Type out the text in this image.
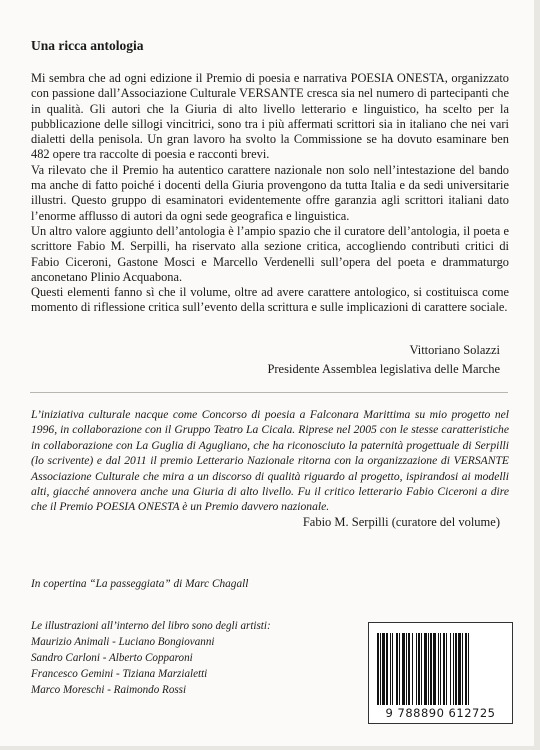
Una ricca antologia

Mi sembra che ad ogni edizione il Premio di poesia e narrativa POESIA ONESTA, organizzato con passione dall’Associazione Culturale VERSANTE cresca sia nel numero di partecipanti che in qualità. Gli autori che la Giuria di alto livello letterario e linguistico, ha scelto per la pubblicazione delle sillogi vincitrici, sono tra i più affermati scrittori sia in italiano che nei vari dialetti della penisola. Un gran lavoro ha svolto la Commissione se ha dovuto esaminare ben 482 opere tra raccolte di poesia e racconti brevi.

Va rilevato che il Premio ha autentico carattere nazionale non solo nell’intestazione del bando ma anche di fatto poiché i docenti della Giuria provengono da tutta Italia e da sedi universitarie illustri. Questo gruppo di esaminatori evidentemente offre garanzia agli scrittori italiani dato l’enorme afflusso di autori da ogni sede geografica e linguistica.

Un altro valore aggiunto dell’antologia è l’ampio spazio che il curatore dell’antologia, il poeta e scrittore Fabio M. Serpilli, ha riservato alla sezione critica, accogliendo contributi critici di Fabio Ciceroni, Gastone Mosci e Marcello Verdenelli sull’opera del poeta e drammaturgo anconetano Plinio Acquabona.

Questi elementi fanno sì che il volume, oltre ad avere carattere antologico, si costituisca come momento di riflessione critica sull’evento della scrittura e sulle implicazioni di carattere sociale.

Vittoriano Solazzi
Presidente Assemblea legislativa delle Marche
L’iniziativa culturale nacque come Concorso di poesia a Falconara Marittima su mio progetto nel 1996, in collaborazione con il Gruppo Teatro La Cicala. Riprese nel 2005 con le stesse caratteristiche in collaborazione con La Guglia di Agugliano, che ha riconosciuto la paternità progettuale di Serpilli (lo scrivente) e dal 2011 il premio Letterario Nazionale ritorna con la organizzazione di VERSANTE Associazione Culturale che mira a un discorso di qualità riguardo al progetto, ispirandosi ai modelli alti, giacché annovera anche una Giuria di alto livello. Fu il critico letterario Fabio Ciceroni a dire che il Premio POESIA ONESTA è un Premio davvero nazionale.
Fabio M. Serpilli (curatore del volume)
In copertina “La passeggiata” di Marc Chagall
Le illustrazioni all’interno del libro sono degli artisti:
Maurizio Animali - Luciano Bongiovanni
Sandro Carloni - Alberto Copparoni
Francesco Gemini - Tiziana Marzialetti
Marco Moreschi - Raimondo Rossi
9 788890 612725
